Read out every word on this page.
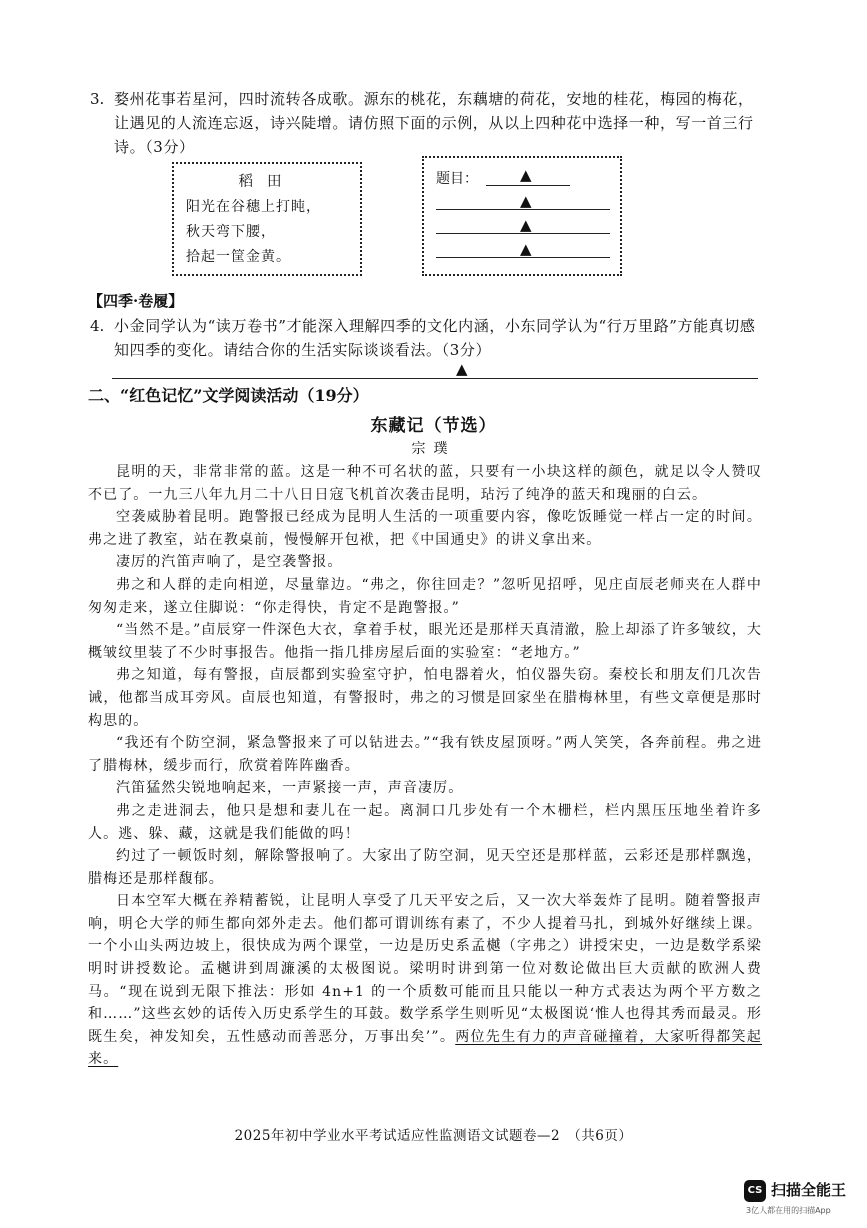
3. 婺州花事若星河，四时流转各成歌。源东的桃花，东藕塘的荷花，安地的桂花，梅园的梅花，让遇见的人流连忘返，诗兴陡增。请仿照下面的示例，从以上四种花中选择一种，写一首三行诗。（3分）
稻田
阳光在谷穗上打盹，
秋天弯下腰，
拾起一筐金黄。
题目：	▲
▲
▲
▲
【四季·卷履】
4. 小金同学认为“读万卷书”才能深入理解四季的文化内涵，小东同学认为“行万里路”方能真切感知四季的变化。请结合你的生活实际谈谈看法。（3分）
▲
二、“红色记忆”文学阅读活动（19分）
东藏记（节选）
宗璞

昆明的天，非常非常的蓝。这是一种不可名状的蓝，只要有一小块这样的颜色，就足以令人赞叹不已了。一九三八年九月二十八日日寇飞机首次袭击昆明，玷污了纯净的蓝天和瑰丽的白云。

空袭威胁着昆明。跑警报已经成为昆明人生活的一项重要内容，像吃饭睡觉一样占一定的时间。弗之进了教室，站在教桌前，慢慢解开包袱，把《中国通史》的讲义拿出来。

凄厉的汽笛声响了，是空袭警报。

弗之和人群的走向相逆，尽量靠边。“弗之，你往回走？”忽听见招呼，见庄卣辰老师夹在人群中匆匆走来，遂立住脚说：“你走得快，肯定不是跑警报。”

“当然不是。”卣辰穿一件深色大衣，拿着手杖，眼光还是那样天真清澈，脸上却添了许多皱纹，大概皱纹里装了不少时事报告。他指一指几排房屋后面的实验室：“老地方。”

弗之知道，每有警报，卣辰都到实验室守护，怕电器着火，怕仪器失窃。秦校长和朋友们几次告诫，他都当成耳旁风。卣辰也知道，有警报时，弗之的习惯是回家坐在腊梅林里，有些文章便是那时构思的。

“我还有个防空洞，紧急警报来了可以钻进去。”“我有铁皮屋顶呀。”两人笑笑，各奔前程。弗之进了腊梅林，缓步而行，欣赏着阵阵幽香。

汽笛猛然尖锐地响起来，一声紧接一声，声音凄厉。

弗之走进洞去，他只是想和妻儿在一起。离洞口几步处有一个木栅栏，栏内黑压压地坐着许多人。逃、躲、藏，这就是我们能做的吗！

约过了一顿饭时刻，解除警报响了。大家出了防空洞，见天空还是那样蓝，云彩还是那样飘逸，腊梅还是那样馥郁。

日本空军大概在养精蓄锐，让昆明人享受了几天平安之后，又一次大举轰炸了昆明。随着警报声响，明仑大学的师生都向郊外走去。他们都可谓训练有素了，不少人提着马扎，到城外好继续上课。一个小山头两边坡上，很快成为两个课堂，一边是历史系孟樾（字弗之）讲授宋史，一边是数学系梁明时讲授数论。孟樾讲到周濂溪的太极图说。梁明时讲到第一位对数论做出巨大贡献的欧洲人费马。“现在说到无限下推法：形如 4n+1 的一个质数可能而且只能以一种方式表达为两个平方数之和……”这些玄妙的话传入历史系学生的耳鼓。数学系学生则听见“太极图说‘惟人也得其秀而最灵。形既生矣，神发知矣，五性感动而善恶分，万事出矣’”。两位先生有力的声音碰撞着，大家听得都笑起来。

2025年初中学业水平考试适应性监测语文试题卷—2　（共6页）
CS 扫描全能王
3亿人都在用的扫描App
